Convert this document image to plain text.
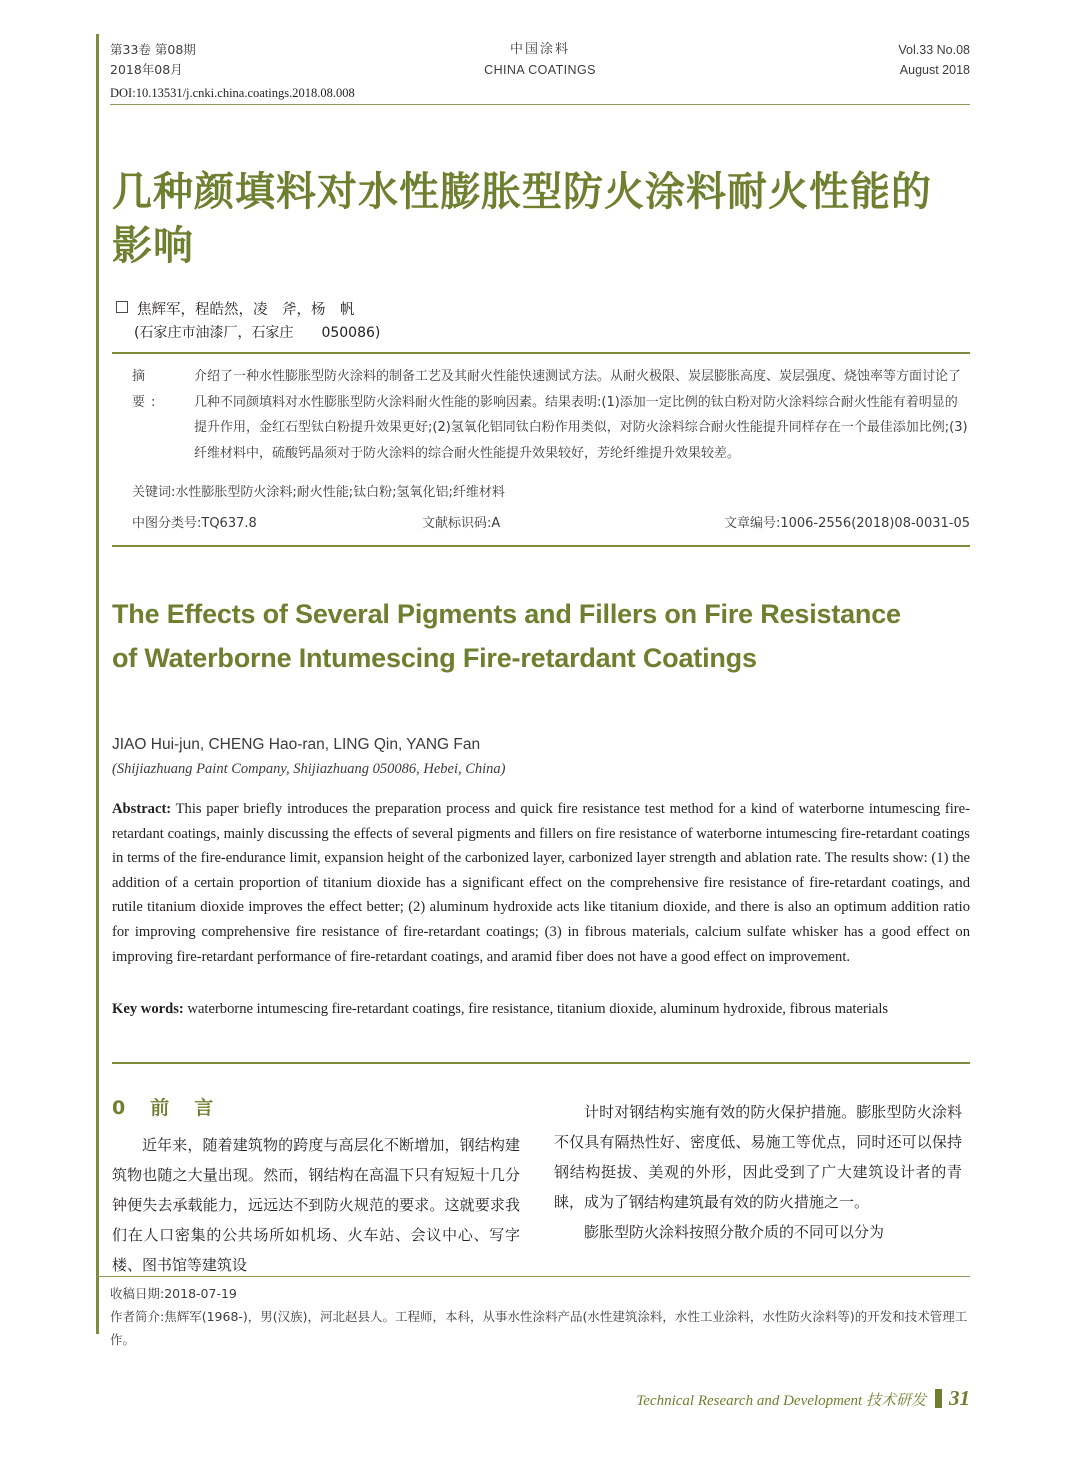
第33卷 第08期
2018年08月
中国涂料
CHINA COATINGS
Vol.33 No.08
August 2018
DOI:10.13531/j.cnki.china.coatings.2018.08.008
几种颜填料对水性膨胀型防火涂料耐火性能的影响
焦辉军，程皓然，凌　斧，杨　帆
(石家庄市油漆厂，石家庄　　050086)
摘　要:
介绍了一种水性膨胀型防火涂料的制备工艺及其耐火性能快速测试方法。从耐火极限、炭层膨胀高度、炭层强度、烧蚀率等方面讨论了几种不同颜填料对水性膨胀型防火涂料耐火性能的影响因素。结果表明:(1)添加一定比例的钛白粉对防火涂料综合耐火性能有着明显的提升作用，金红石型钛白粉提升效果更好;(2)氢氧化铝同钛白粉作用类似，对防火涂料综合耐火性能提升同样存在一个最佳添加比例;(3)纤维材料中，硫酸钙晶须对于防火涂料的综合耐火性能提升效果较好，芳纶纤维提升效果较差。
关键词:水性膨胀型防火涂料;耐火性能;钛白粉;氢氧化铝;纤维材料
中图分类号:TQ637.8	文献标识码:A	文章编号:1006-2556(2018)08-0031-05
The Effects of Several Pigments and Fillers on Fire Resistance of Waterborne Intumescing Fire-retardant Coatings
JIAO Hui-jun, CHENG Hao-ran, LING Qin, YANG Fan
(Shijiazhuang Paint Company, Shijiazhuang 050086, Hebei, China)
Abstract: This paper briefly introduces the preparation process and quick fire resistance test method for a kind of waterborne intumescing fire-retardant coatings, mainly discussing the effects of several pigments and fillers on fire resistance of waterborne intumescing fire-retardant coatings in terms of the fire-endurance limit, expansion height of the carbonized layer, carbonized layer strength and ablation rate. The results show: (1) the addition of a certain proportion of titanium dioxide has a significant effect on the comprehensive fire resistance of fire-retardant coatings, and rutile titanium dioxide improves the effect better; (2) aluminum hydroxide acts like titanium dioxide, and there is also an optimum addition ratio for improving comprehensive fire resistance of fire-retardant coatings; (3) in fibrous materials, calcium sulfate whisker has a good effect on improving fire-retardant performance of fire-retardant coatings, and aramid fiber does not have a good effect on improvement.
Key words: waterborne intumescing fire-retardant coatings, fire resistance, titanium dioxide, aluminum hydroxide, fibrous materials
0　前　言

近年来，随着建筑物的跨度与高层化不断增加，钢结构建筑物也随之大量出现。然而，钢结构在高温下只有短短十几分钟便失去承载能力，远远达不到防火规范的要求。这就要求我们在人口密集的公共场所如机场、火车站、会议中心、写字楼、图书馆等建筑设

计时对钢结构实施有效的防火保护措施。膨胀型防火涂料不仅具有隔热性好、密度低、易施工等优点，同时还可以保持钢结构挺拔、美观的外形，因此受到了广大建筑设计者的青睐，成为了钢结构建筑最有效的防火措施之一。

膨胀型防火涂料按照分散介质的不同可以分为

收稿日期:2018-07-19
作者简介:焦辉军(1968-)，男(汉族)，河北赵县人。工程师，本科，从事水性涂料产品(水性建筑涂料，水性工业涂料，水性防火涂料等)的开发和技术管理工作。
Technical Research and Development 技术研发 31
